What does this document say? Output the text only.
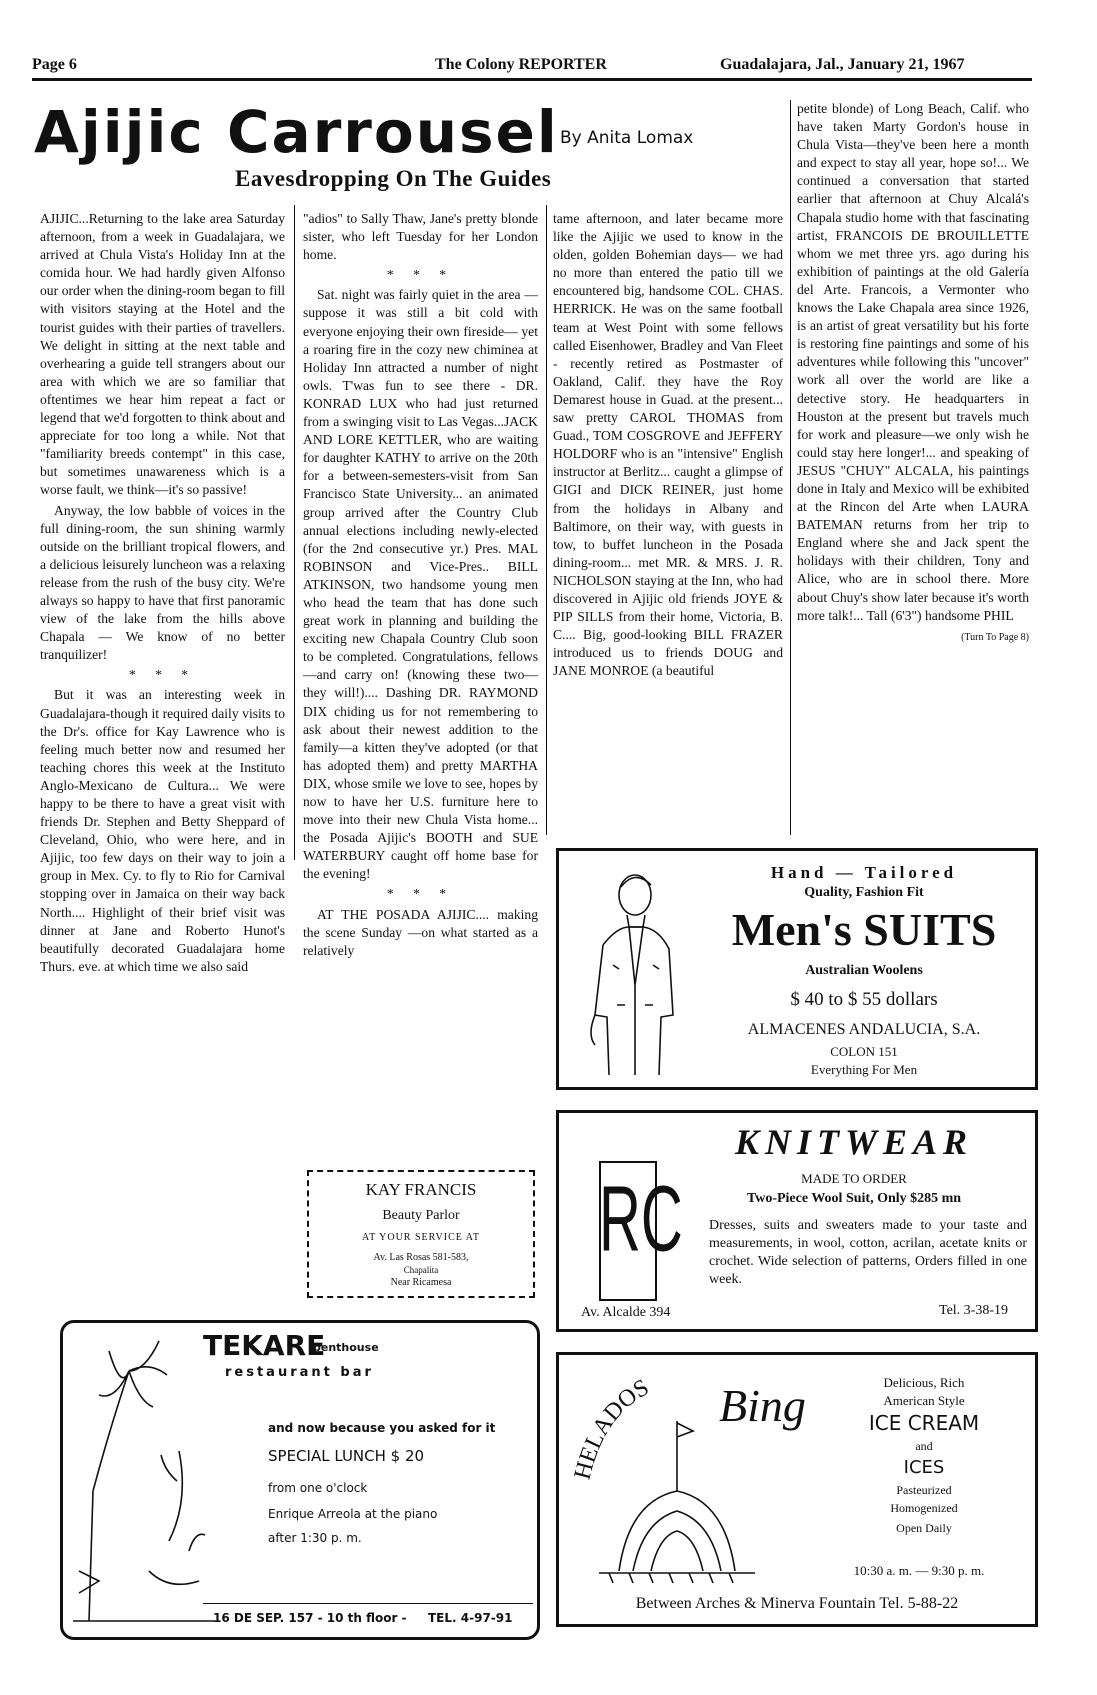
Page 6	The Colony REPORTER	Guadalajara, Jal., January 21, 1967
Ajijic Carrousel By Anita Lomax
Eavesdropping On The Guides

AJIJIC...Returning to the lake area Saturday afternoon, from a week in Guadalajara, we arrived at Chula Vista's Holiday Inn at the comida hour. We had hardly given Alfonso our order when the dining-room began to fill with visitors staying at the Hotel and the tourist guides with their parties of travellers. We delight in sitting at the next table and overhearing a guide tell strangers about our area with which we are so familiar that oftentimes we hear him repeat a fact or legend that we'd forgotten to think about and appreciate for too long a while. Not that "familiarity breeds contempt" in this case, but sometimes unawareness which is a worse fault, we think—it's so passive!

Anyway, the low babble of voices in the full dining-room, the sun shining warmly outside on the brilliant tropical flowers, and a delicious leisurely luncheon was a relaxing release from the rush of the busy city. We're always so happy to have that first panoramic view of the lake from the hills above Chapala — We know of no better tranquilizer!

* * *

But it was an interesting week in Guadalajara-though it required daily visits to the Dr's. office for Kay Lawrence who is feeling much better now and resumed her teaching chores this week at the Instituto Anglo-Mexicano de Cultura... We were happy to be there to have a great visit with friends Dr. Stephen and Betty Sheppard of Cleveland, Ohio, who were here, and in Ajijic, too few days on their way to join a group in Mex. Cy. to fly to Rio for Carnival stopping over in Jamaica on their way back North.... Highlight of their brief visit was dinner at Jane and Roberto Hunot's beautifully decorated Guadalajara home Thurs. eve. at which time we also said

"adios" to Sally Thaw, Jane's pretty blonde sister, who left Tuesday for her London home.

* * *

Sat. night was fairly quiet in the area —suppose it was still a bit cold with everyone enjoying their own fireside— yet a roaring fire in the cozy new chiminea at Holiday Inn attracted a number of night owls. T'was fun to see there - DR. KONRAD LUX who had just returned from a swinging visit to Las Vegas...JACK AND LORE KETTLER, who are waiting for daughter KATHY to arrive on the 20th for a between-semesters-visit from San Francisco State University... an animated group arrived after the Country Club annual elections including newly-elected (for the 2nd consecutive yr.) Pres. MAL ROBINSON and Vice-Pres.. BILL ATKINSON, two handsome young men who head the team that has done such great work in planning and building the exciting new Chapala Country Club soon to be completed. Congratulations, fellows —and carry on! (knowing these two— they will!).... Dashing DR. RAYMOND DIX chiding us for not remembering to ask about their newest addition to the family—a kitten they've adopted (or that has adopted them) and pretty MARTHA DIX, whose smile we love to see, hopes by now to have her U.S. furniture here to move into their new Chula Vista home... the Posada Ajijic's BOOTH and SUE WATERBURY caught off home base for the evening!

* * *

AT THE POSADA AJIJIC.... making the scene Sunday —on what started as a relatively

tame afternoon, and later became more like the Ajijic we used to know in the olden, golden Bohemian days— we had no more than entered the patio till we encountered big, handsome COL. CHAS. HERRICK. He was on the same football team at West Point with some fellows called Eisenhower, Bradley and Van Fleet - recently retired as Postmaster of Oakland, Calif. they have the Roy Demarest house in Guad. at the present... saw pretty CAROL THOMAS from Guad., TOM COSGROVE and JEFFERY HOLDORF who is an "intensive" English instructor at Berlitz... caught a glimpse of GIGI and DICK REINER, just home from the holidays in Albany and Baltimore, on their way, with guests in tow, to buffet luncheon in the Posada dining-room... met MR. & MRS. J. R. NICHOLSON staying at the Inn, who had discovered in Ajijic old friends JOYE & PIP SILLS from their home, Victoria, B. C.... Big, good-looking BILL FRAZER introduced us to friends DOUG and JANE MONROE (a beautiful

petite blonde) of Long Beach, Calif. who have taken Marty Gordon's house in Chula Vista—they've been here a month and expect to stay all year, hope so!... We continued a conversation that started earlier that afternoon at Chuy Alcalá's Chapala studio home with that fascinating artist, FRANCOIS DE BROUILLETTE whom we met three yrs. ago during his exhibition of paintings at the old Galería del Arte. Francois, a Vermonter who knows the Lake Chapala area since 1926, is an artist of great versatility but his forte is restoring fine paintings and some of his adventures while following this "uncover" work all over the world are like a detective story. He headquarters in Houston at the present but travels much for work and pleasure—we only wish he could stay here longer!... and speaking of JESUS "CHUY" ALCALA, his paintings done in Italy and Mexico will be exhibited at the Rincon del Arte when LAURA BATEMAN returns from her trip to England where she and Jack spent the holidays with their children, Tony and Alice, who are in school there. More about Chuy's show later because it's worth more talk!... Tall (6'3") handsome PHIL

(Turn To Page 8)

KAY FRANCIS
Beauty Parlor
AT YOUR SERVICE AT
Av. Las Rosas 581-583,
Chapalita
Near Ricamesa
Hand — Tailored
Quality, Fashion Fit
Men's SUITS
Australian Woolens
$ 40 to $ 55 dollars
ALMACENES ANDALUCIA, S.A.
COLON 151
Everything For Men
KNITWEAR
RC	MADE TO ORDER
Two-Piece Wool Suit, Only $285 mn
Dresses, suits and sweaters made to your taste and measurements, in wool, cotton, acrilan, acetate knits or crochet. Wide selection of patterns, Orders filled in one week.
Av. Alcalde 394	Tel. 3-38-19
TEKARE
penthouse
restaurant bar
and now because you asked for it
SPECIAL LUNCH $ 20
from one o'clock
Enrique Arreola at the piano
after 1:30 p. m.
16 DE SEP. 157 - 10 th floor - TEL. 4-97-91
HELADOS Bing	Delicious, Rich
American Style
ICE CREAM
and
ICES
Pasteurized
Homogenized
Open Daily
10:30 a. m. — 9:30 p. m.
Between Arches & Minerva Fountain Tel. 5-88-22
